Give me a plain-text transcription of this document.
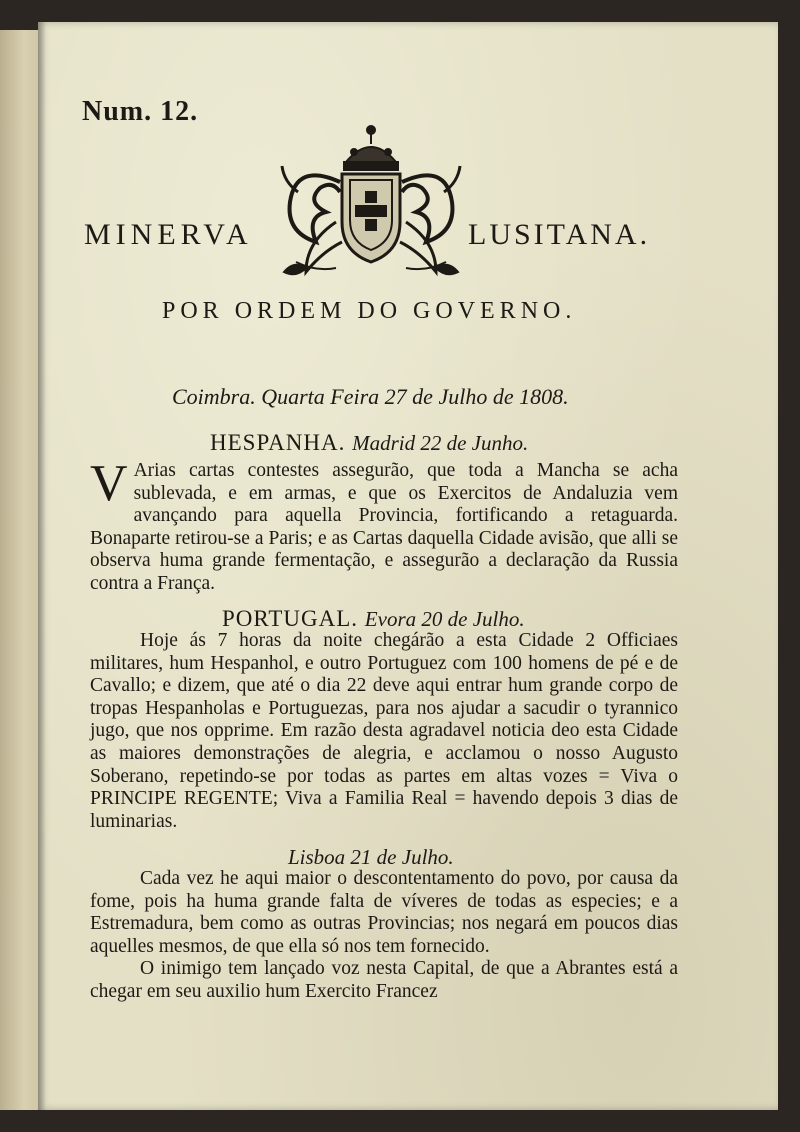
Num. 12.
MINERVA	LUSITANA.
POR ORDEM DO GOVERNO.
Coimbra. Quarta Feira 27 de Julho de 1808.
HESPANHA. Madrid 22 de Junho.

V Arias cartas contestes assegurão, que toda a Mancha se acha sublevada, e em armas, e que os Exercitos de Andaluzia vem avançando para aquella Provincia, fortificando a retaguarda. Bonaparte retirou-se a Paris; e as Cartas daquella Cidade avisão, que alli se observa huma grande fermentação, e assegurão a declaração da Russia contra a França.

PORTUGAL. Evora 20 de Julho.

Hoje ás 7 horas da noite chegárão a esta Cidade 2 Officiaes militares, hum Hespanhol, e outro Portuguez com 100 homens de pé e de Cavallo; e dizem, que até o dia 22 deve aqui entrar hum grande corpo de tropas Hespanholas e Portuguezas, para nos ajudar a sacudir o tyrannico jugo, que nos opprime. Em razão desta agradavel noticia deo esta Cidade as maiores demonstrações de alegria, e acclamou o nosso Augusto Soberano, repetindo-se por todas as partes em altas vozes = Viva o PRINCIPE REGENTE; Viva a Familia Real = havendo depois 3 dias de luminarias.

Lisboa 21 de Julho.

Cada vez he aqui maior o descontentamento do povo, por causa da fome, pois ha huma grande falta de víveres de todas as especies; e a Estremadura, bem como as outras Provincias; nos negará em poucos dias aquelles mesmos, de que ella só nos tem fornecido.

O inimigo tem lançado voz nesta Capital, de que a Abrantes está a chegar em seu auxilio hum Exercito Francez
